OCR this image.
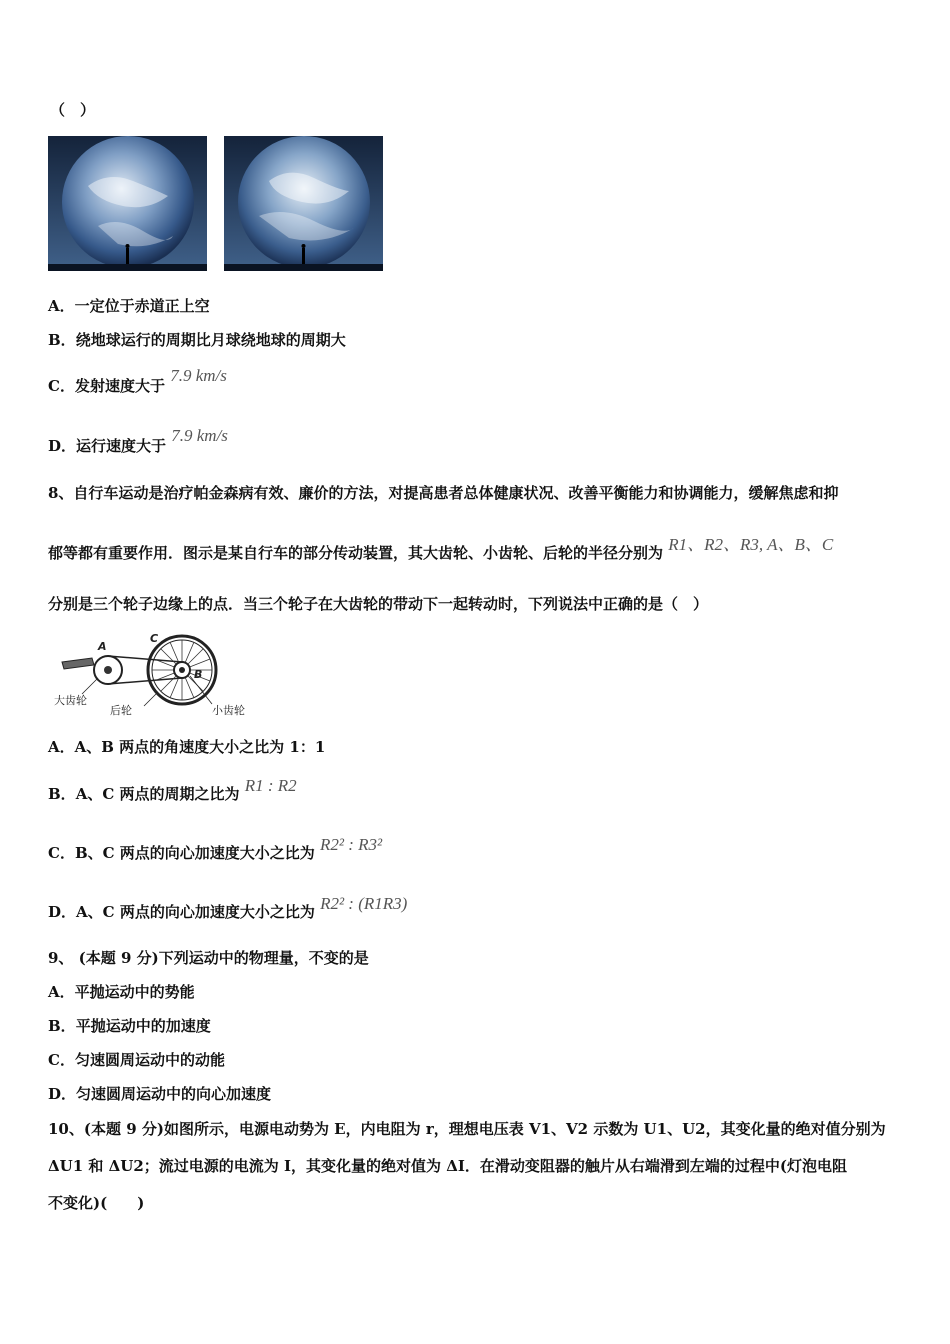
（　）
A．一定位于赤道正上空
B．绕地球运行的周期比月球绕地球的周期大
C．发射速度大于 7.9 km/s
D．运行速度大于 7.9 km/s
8、自行车运动是治疗帕金森病有效、廉价的方法，对提高患者总体健康状况、改善平衡能力和协调能力，缓解焦虑和抑
郁等都有重要作用．图示是某自行车的部分传动装置，其大齿轮、小齿轮、后轮的半径分别为 R1、R2、R3, A、B、C
分别是三个轮子边缘上的点．当三个轮子在大齿轮的带动下一起转动时，下列说法中正确的是（　）
A
C
B
大齿轮
后轮	小齿轮
A．A、B 两点的角速度大小之比为 1：1
B．A、C 两点的周期之比为 R1 : R2
C．B、C 两点的向心加速度大小之比为 R2² : R3²
D．A、C 两点的向心加速度大小之比为 R2² : (R1R3)
9、 (本题 9 分)下列运动中的物理量，不变的是
A．平抛运动中的势能
B．平抛运动中的加速度
C．匀速圆周运动中的动能
D．匀速圆周运动中的向心加速度
10、(本题 9 分)如图所示，电源电动势为 E，内电阻为 r，理想电压表 V1、V2 示数为 U1、U2，其变化量的绝对值分别为
ΔU1 和 ΔU2；流过电源的电流为 I，其变化量的绝对值为 ΔI．在滑动变阻器的触片从右端滑到左端的过程中(灯泡电阻
不变化)(　　)
